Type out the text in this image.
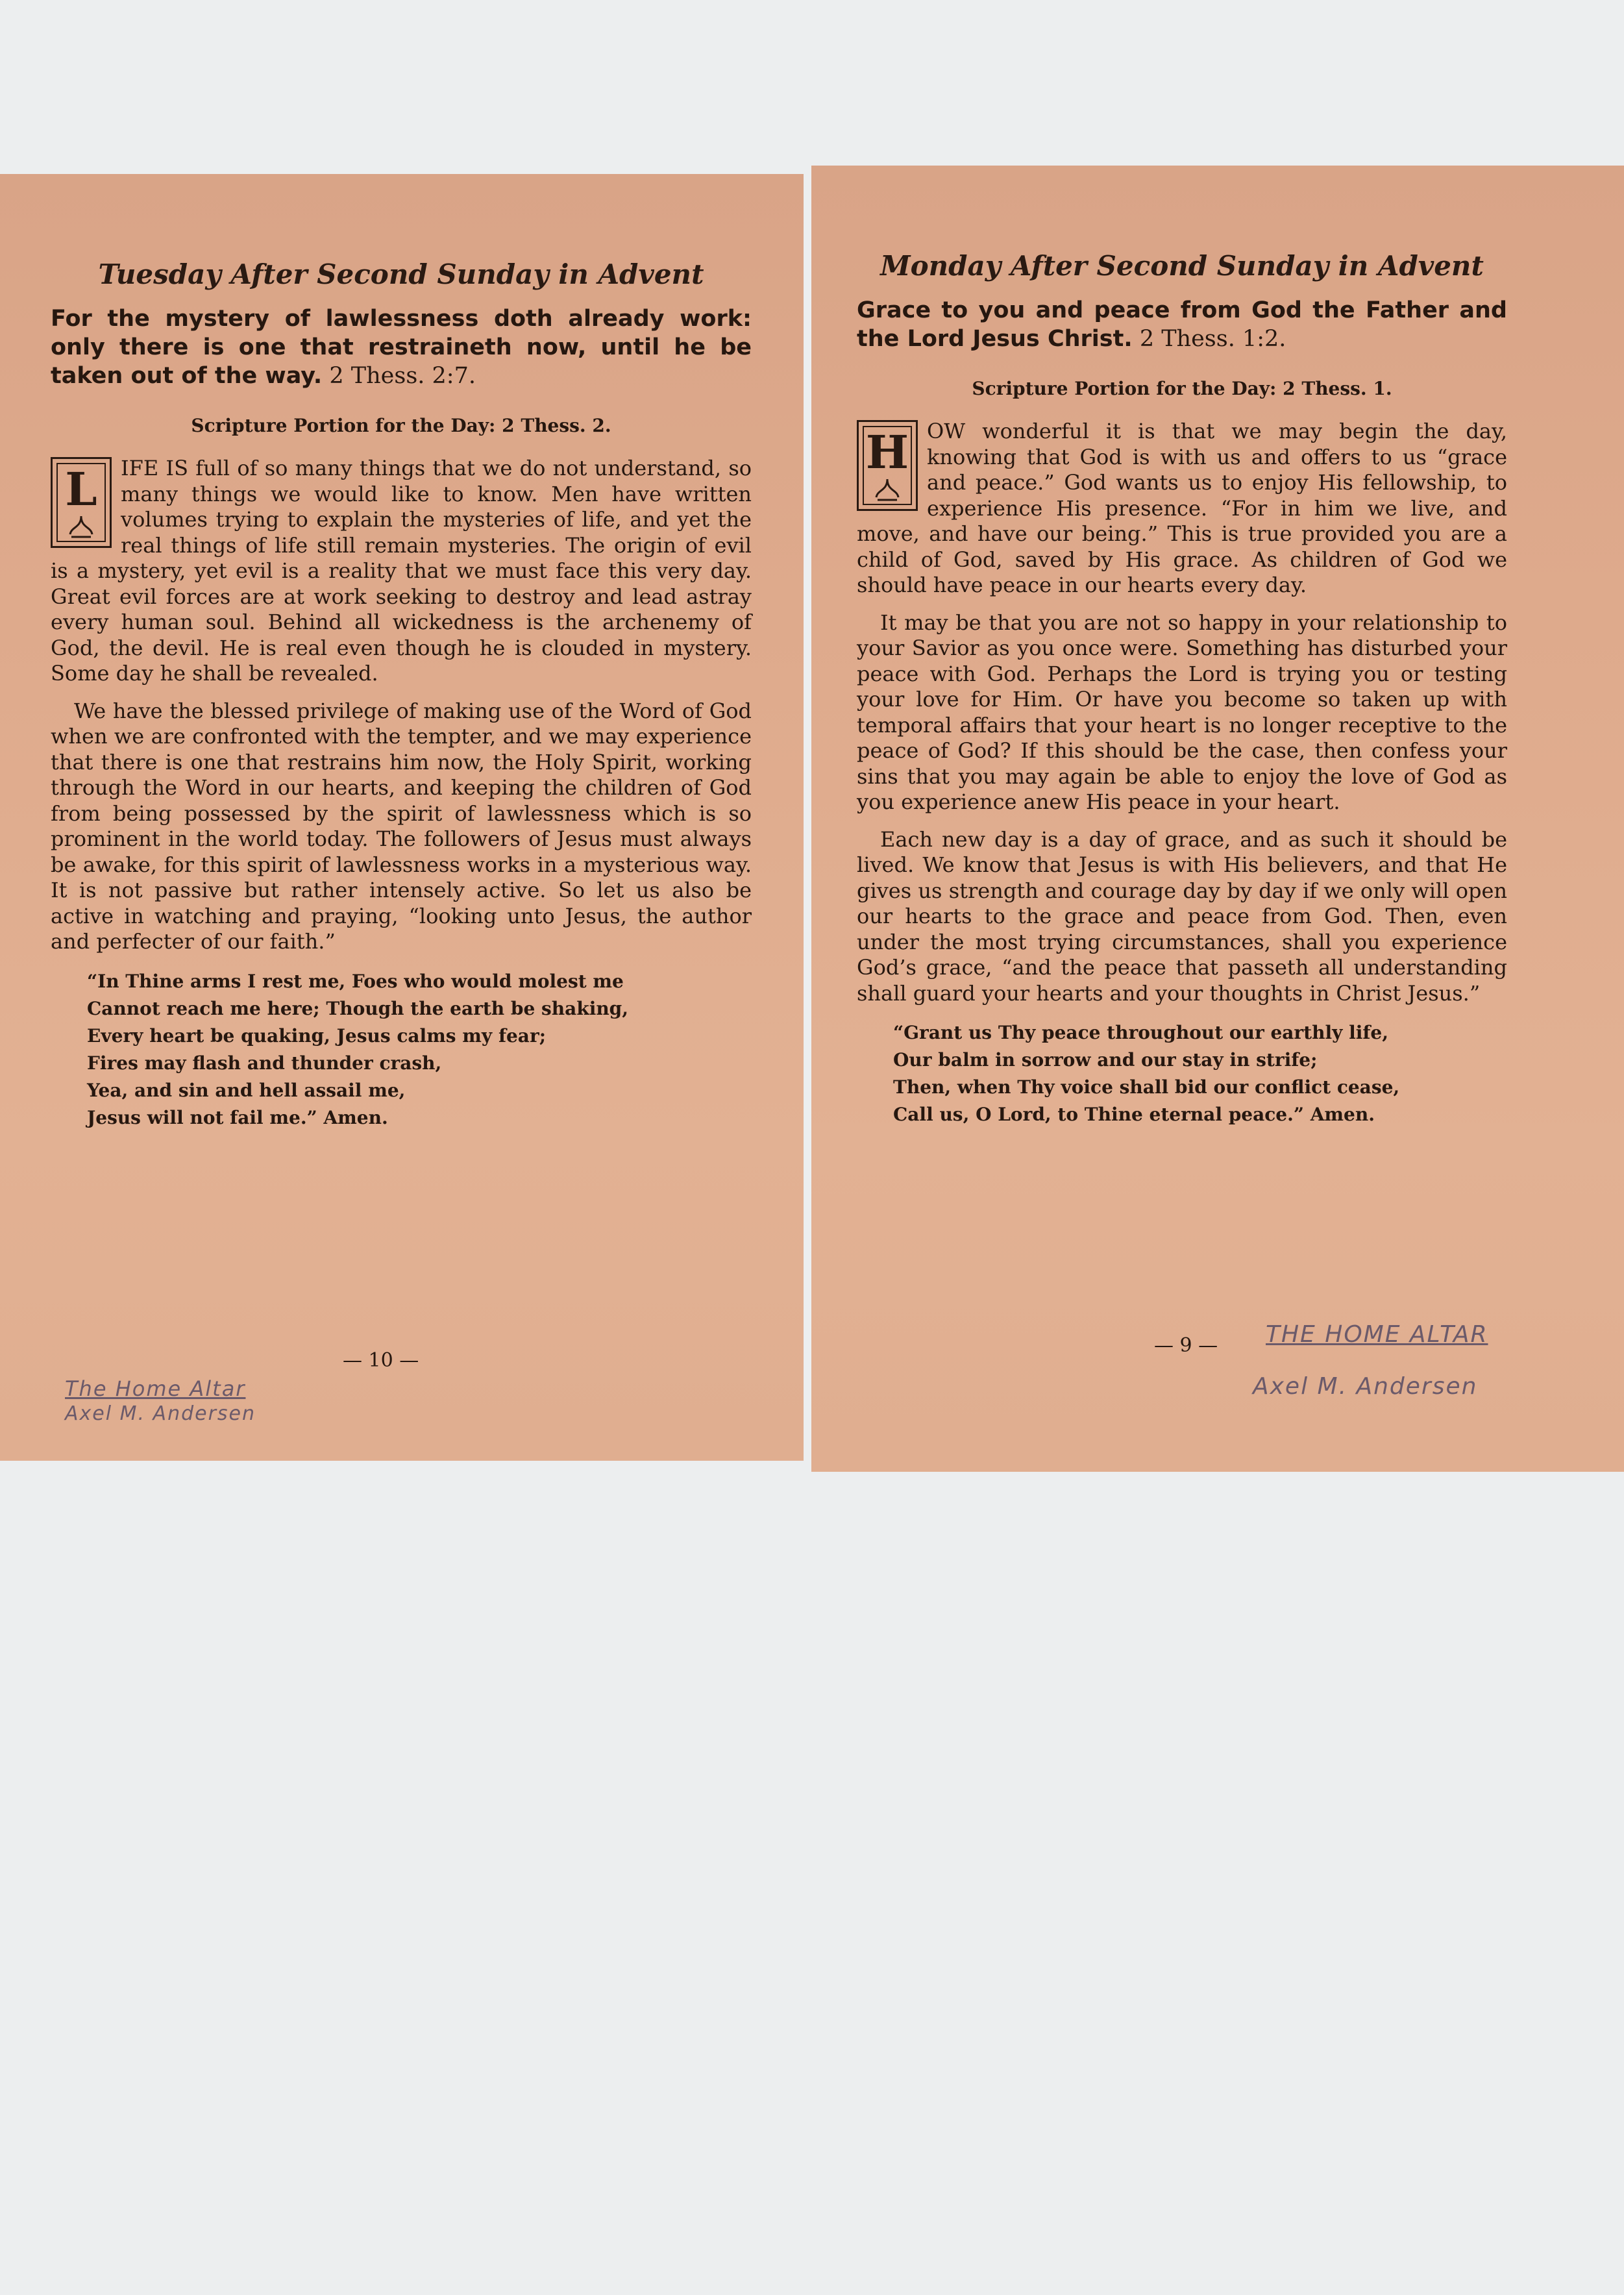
Tuesday After Second Sunday in Advent

For the mystery of lawlessness doth already work: only there is one that restraineth now, until he be taken out of the way. 2 Thess. 2:7.

Scripture Portion for the Day: 2 Thess. 2.

L IFE IS full of so many things that we do not understand, so many things we would like to know. Men have written volumes trying to explain the mysteries of life, and yet the real things of life still remain mysteries. The origin of evil is a mystery, yet evil is a reality that we must face this very day. Great evil forces are at work seeking to destroy and lead astray every human soul. Behind all wickedness is the archenemy of God, the devil. He is real even though he is clouded in mystery. Some day he shall be revealed.

We have the blessed privilege of making use of the Word of God when we are confronted with the tempter, and we may experience that there is one that restrains him now, the Holy Spirit, working through the Word in our hearts, and keeping the children of God from being possessed by the spirit of lawlessness which is so prominent in the world today. The followers of Jesus must always be awake, for this spirit of lawlessness works in a mysterious way. It is not passive but rather intensely active. So let us also be active in watching and praying, “looking unto Jesus, the author and perfecter of our faith.”

“In Thine arms I rest me, Foes who would molest me
Cannot reach me here; Though the earth be shaking,
Every heart be quaking, Jesus calms my fear;
Fires may flash and thunder crash,
Yea, and sin and hell assail me,
Jesus will not fail me.” Amen.
— 10 —
The Home Altar
Axel M. Andersen
Monday After Second Sunday in Advent

Grace to you and peace from God the Father and the Lord Jesus Christ. 2 Thess. 1:2.

Scripture Portion for the Day: 2 Thess. 1.

H OW wonderful it is that we may begin the day, knowing that God is with us and offers to us “grace and peace.” God wants us to enjoy His fellowship, to experience His presence. “For in him we live, and move, and have our being.” This is true provided you are a child of God, saved by His grace. As children of God we should have peace in our hearts every day.

It may be that you are not so happy in your relationship to your Savior as you once were. Something has disturbed your peace with God. Perhaps the Lord is trying you or testing your love for Him. Or have you become so taken up with temporal affairs that your heart is no longer receptive to the peace of God? If this should be the case, then confess your sins that you may again be able to enjoy the love of God as you experience anew His peace in your heart.

Each new day is a day of grace, and as such it should be lived. We know that Jesus is with His believers, and that He gives us strength and courage day by day if we only will open our hearts to the grace and peace from God. Then, even under the most trying circumstances, shall you experience God’s grace, “and the peace that passeth all understanding shall guard your hearts and your thoughts in Christ Jesus.”

“Grant us Thy peace throughout our earthly life,
Our balm in sorrow and our stay in strife;
Then, when Thy voice shall bid our conflict cease,
Call us, O Lord, to Thine eternal peace.” Amen.
— 9 — THE HOME ALTAR
Axel M. Andersen
